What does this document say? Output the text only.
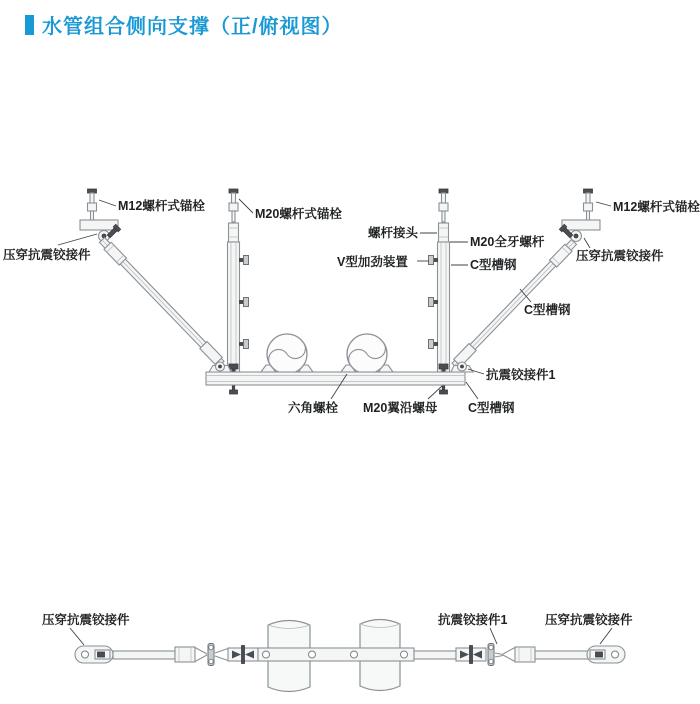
水管组合侧向支撑（正/俯视图）
M12螺杆式锚栓
M20螺杆式锚栓
压穿抗震铰接件
螺杆接头
M20全牙螺杆
V型加劲装置	C型槽钢
M12螺杆式锚栓
压穿抗震铰接件
C型槽钢
抗震铰接件1
六角螺栓 M20翼沿螺母 C型槽钢
压穿抗震铰接件	抗震铰接件1	压穿抗震铰接件
